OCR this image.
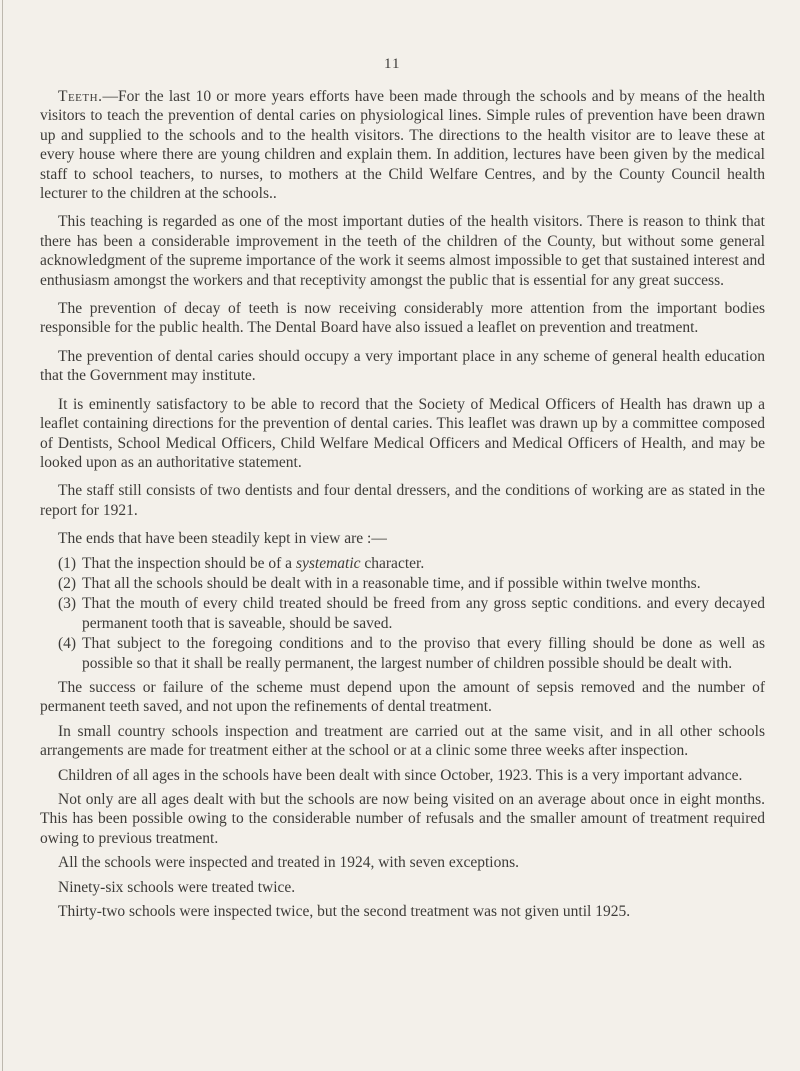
11

Teeth.—For the last 10 or more years efforts have been made through the schools and by means of the health visitors to teach the prevention of dental caries on physiological lines. Simple rules of prevention have been drawn up and supplied to the schools and to the health visitors. The directions to the health visitor are to leave these at every house where there are young children and explain them. In addition, lectures have been given by the medical staff to school teachers, to nurses, to mothers at the Child Welfare Centres, and by the County Council health lecturer to the children at the schools..

This teaching is regarded as one of the most important duties of the health visitors. There is reason to think that there has been a considerable improvement in the teeth of the children of the County, but without some general acknowledgment of the supreme importance of the work it seems almost impossible to get that sustained interest and enthusiasm amongst the workers and that receptivity amongst the public that is essential for any great success.

The prevention of decay of teeth is now receiving considerably more attention from the important bodies responsible for the public health. The Dental Board have also issued a leaflet on prevention and treatment.

The prevention of dental caries should occupy a very important place in any scheme of general health education that the Government may institute.

It is eminently satisfactory to be able to record that the Society of Medical Officers of Health has drawn up a leaflet containing directions for the prevention of dental caries. This leaflet was drawn up by a committee composed of Dentists, School Medical Officers, Child Welfare Medical Officers and Medical Officers of Health, and may be looked upon as an authoritative statement.

The staff still consists of two dentists and four dental dressers, and the conditions of working are as stated in the report for 1921.

The ends that have been steadily kept in view are :—

(1) That the inspection should be of a systematic character.
(2) That all the schools should be dealt with in a reasonable time, and if possible within twelve months.
(3) That the mouth of every child treated should be freed from any gross septic conditions. and every decayed permanent tooth that is saveable, should be saved.
(4) That subject to the foregoing conditions and to the proviso that every filling should be done as well as possible so that it shall be really permanent, the largest number of children possible should be dealt with.

The success or failure of the scheme must depend upon the amount of sepsis removed and the number of permanent teeth saved, and not upon the refinements of dental treatment.

In small country schools inspection and treatment are carried out at the same visit, and in all other schools arrangements are made for treatment either at the school or at a clinic some three weeks after inspection.

Children of all ages in the schools have been dealt with since October, 1923. This is a very important advance.

Not only are all ages dealt with but the schools are now being visited on an average about once in eight months. This has been possible owing to the considerable number of refusals and the smaller amount of treatment required owing to previous treatment.

All the schools were inspected and treated in 1924, with seven exceptions.

Ninety-six schools were treated twice.

Thirty-two schools were inspected twice, but the second treatment was not given until 1925.
